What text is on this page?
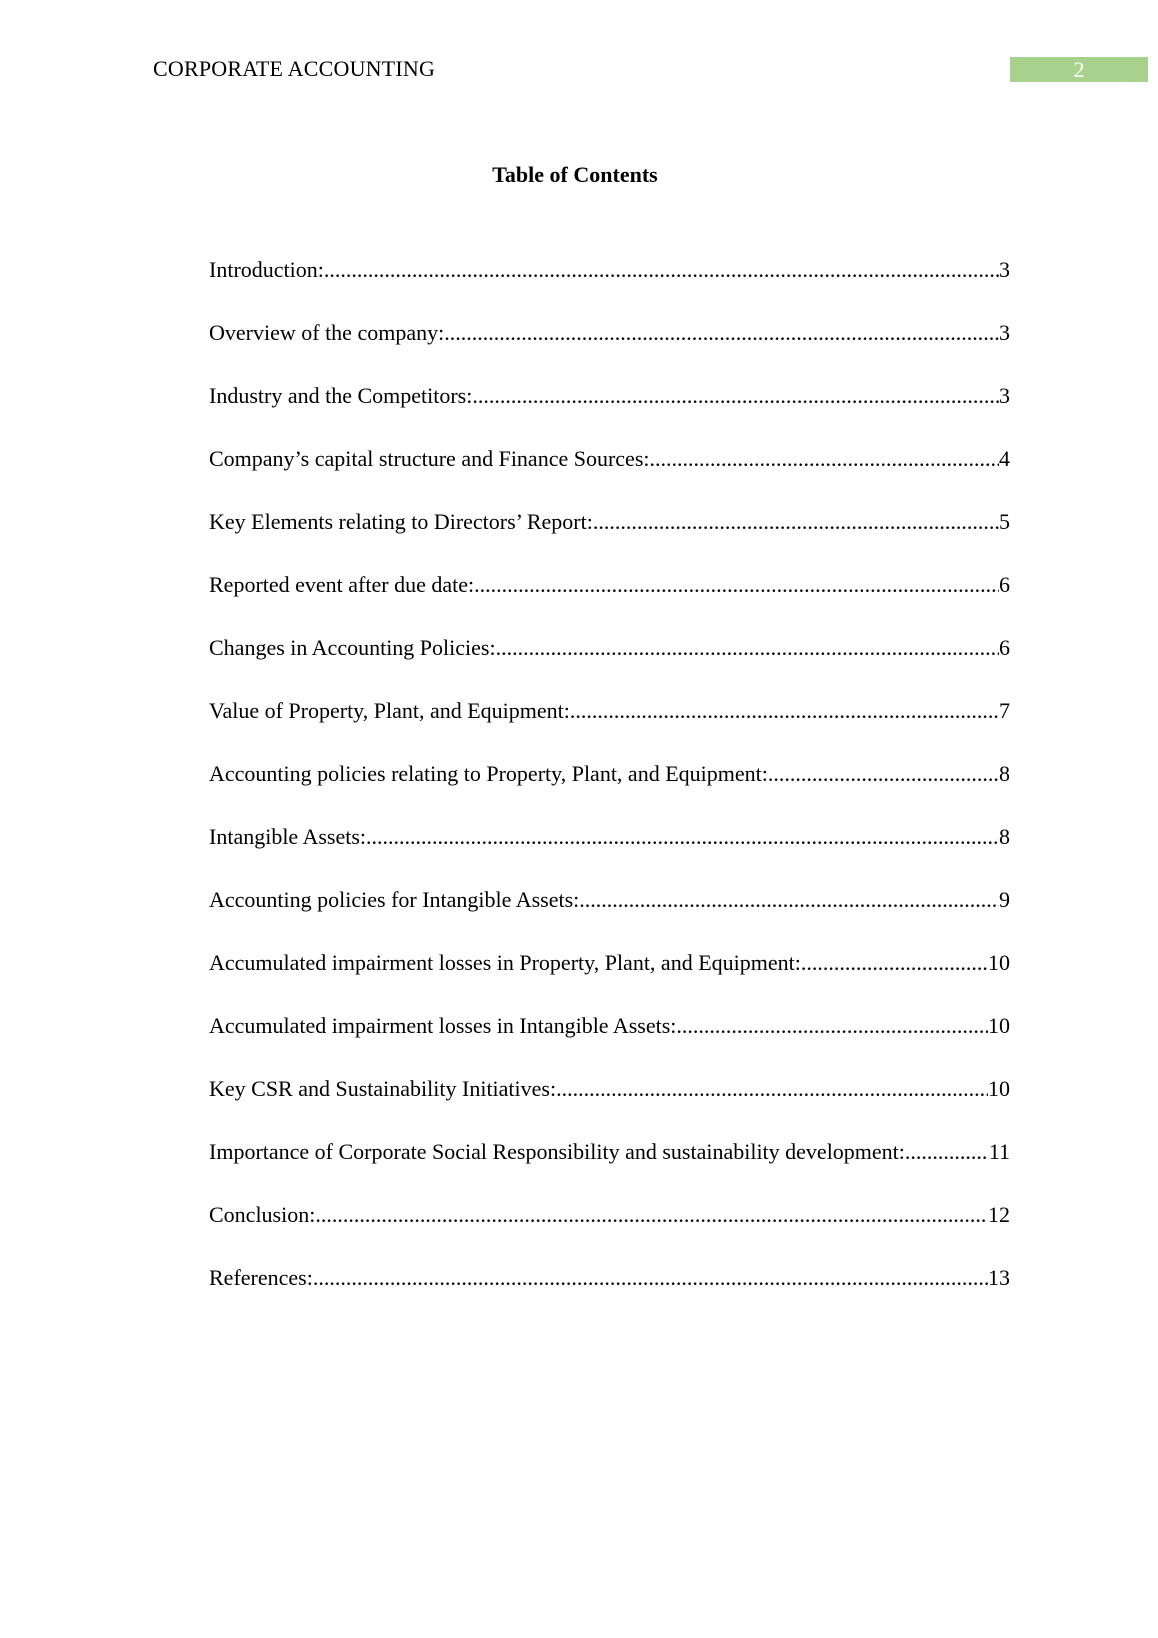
CORPORATE ACCOUNTING	2
Table of Contents
Introduction: .....	3
Overview of the company: .....	3
Industry and the Competitors: .....	3
Company’s capital structure and Finance Sources: .....	4
Key Elements relating to Directors’ Report: .....	5
Reported event after due date: .....	6
Changes in Accounting Policies: .....	6
Value of Property, Plant, and Equipment: .....	7
Accounting policies relating to Property, Plant, and Equipment: .....	8
Intangible Assets: .....	8
Accounting policies for Intangible Assets: .....	9
Accumulated impairment losses in Property, Plant, and Equipment: .....	10
Accumulated impairment losses in Intangible Assets: .....	10
Key CSR and Sustainability Initiatives: .....	10
Importance of Corporate Social Responsibility and sustainability development: .....	11
Conclusion: .....	12
References: .....	13
